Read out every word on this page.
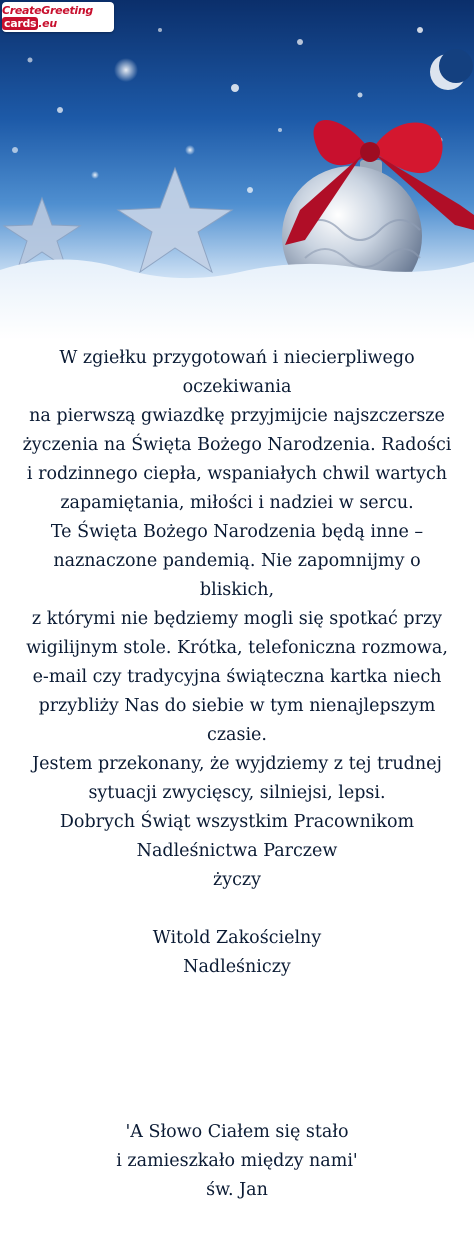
CreateGreeting cards .eu

W zgiełku przygotowań i niecierpliwego oczekiwania

na pierwszą gwiazdkę przyjmijcie najszczersze

życzenia na Święta Bożego Narodzenia. Radości

i rodzinnego ciepła, wspaniałych chwil wartych

zapamiętania, miłości i nadziei w sercu.

Te Święta Bożego Narodzenia będą inne –

naznaczone pandemią. Nie zapomnijmy o bliskich,

z którymi nie będziemy mogli się spotkać przy

wigilijnym stole. Krótka, telefoniczna rozmowa,

e-mail czy tradycyjna świąteczna kartka niech

przybliży Nas do siebie w tym nienajlepszym czasie.

Jestem przekonany, że wyjdziemy z tej trudnej

sytuacji zwycięscy, silniejsi, lepsi.

Dobrych Świąt wszystkim Pracownikom

Nadleśnictwa Parczew

życzy

Witold Zakościelny

Nadleśniczy

'A Słowo Ciałem się stało

i zamieszkało między nami'

św. Jan
